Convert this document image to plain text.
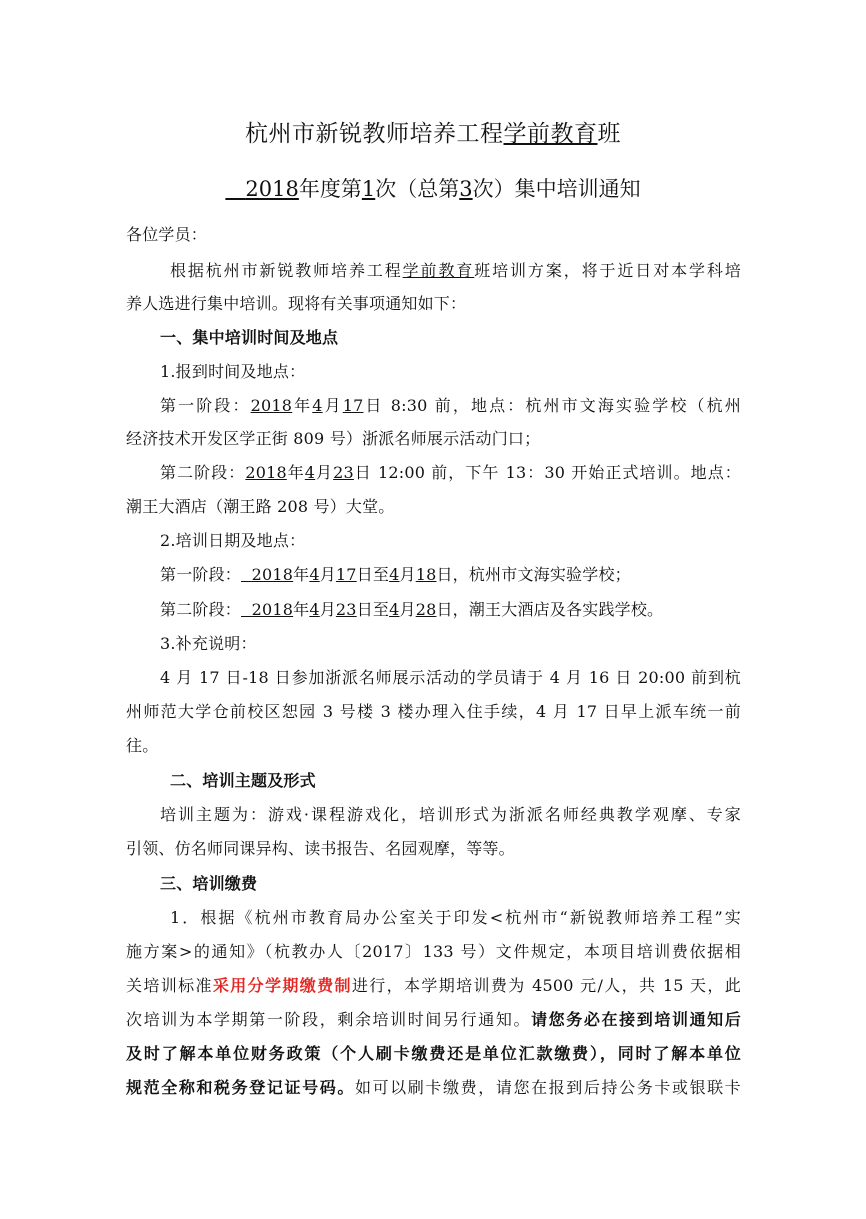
杭州市新锐教师培养工程学前教育班
2018年度第1次（总第3次）集中培训通知
各位学员：
根据杭州市新锐教师培养工程学前教育班培训方案，将于近日对本学科培
养人选进行集中培训。现将有关事项通知如下：
一、集中培训时间及地点
1.报到时间及地点：
第一阶段：2018年4月17日 8:30 前，地点：杭州市文海实验学校（杭州
经济技术开发区学正街 809 号）浙派名师展示活动门口；
第二阶段：2018年4月23日 12:00 前，下午 13：30 开始正式培训。地点：
潮王大酒店（潮王路 208 号）大堂。
2.培训日期及地点：
第一阶段： 2018年4月17日至4月18日，杭州市文海实验学校；
第二阶段： 2018年4月23日至4月28日，潮王大酒店及各实践学校。
3.补充说明：
4 月 17 日-18 日参加浙派名师展示活动的学员请于 4 月 16 日 20:00 前到杭
州师范大学仓前校区恕园 3 号楼 3 楼办理入住手续，4 月 17 日早上派车统一前
往。
二、培训主题及形式
培训主题为：游戏·课程游戏化，培训形式为浙派名师经典教学观摩、专家
引领、仿名师同课异构、读书报告、名园观摩，等等。
三、培训缴费
1．根据《杭州市教育局办公室关于印发<杭州市“新锐教师培养工程”实
施方案>的通知》（杭教办人〔2017〕133 号）文件规定，本项目培训费依据相
关培训标准采用分学期缴费制进行，本学期培训费为 4500 元/人，共 15 天，此
次培训为本学期第一阶段，剩余培训时间另行通知。请您务必在接到培训通知后
及时了解本单位财务政策（个人刷卡缴费还是单位汇款缴费），同时了解本单位
规范全称和税务登记证号码。如可以刷卡缴费，请您在报到后持公务卡或银联卡
